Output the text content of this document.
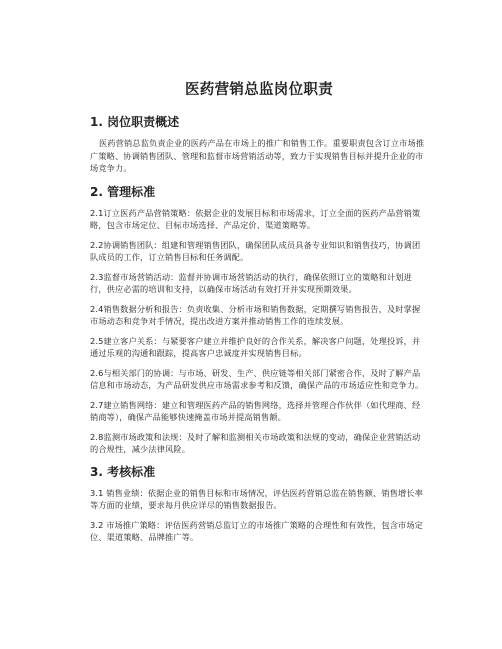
医药营销总监岗位职责
1. 岗位职责概述
医药营销总监负责企业的医药产品在市场上的推广和销售工作。重要职责包含订立市场推广策略、协调销售团队、管理和监督市场营销活动等，致力于实现销售目标并提升企业的市场竞争力。
2. 管理标准
2.1订立医药产品营销策略：依据企业的发展目标和市场需求，订立全面的医药产品营销策略，包含市场定位、目标市场选择、产品定价、渠道策略等。
2.2协调销售团队：组建和管理销售团队，确保团队成员具备专业知识和销售技巧，协调团队成员的工作，订立销售目标和任务调配。
2.3监督市场营销活动：监督并协调市场营销活动的执行，确保依照订立的策略和计划进行，供应必需的培训和支持，以确保市场活动有效打开并实现预期效果。
2.4销售数据分析和报告：负责收集、分析市场和销售数据，定期撰写销售报告，及时掌握市场动态和竞争对手情况，提出改进方案并推动销售工作的连续发展。
2.5建立客户关系：与紧要客户建立并维护良好的合作关系，解决客户问题，处理投诉，并通过乐观的沟通和跟踪，提高客户忠诚度并实现销售目标。
2.6与相关部门的协调：与市场、研发、生产、供应链等相关部门紧密合作，及时了解产品信息和市场动态，为产品研发供应市场需求参考和反馈，确保产品的市场适应性和竞争力。
2.7建立销售网络：建立和管理医药产品的销售网络，选择并管理合作伙伴（如代理商、经销商等），确保产品能够快速掩盖市场并提高销售额。
2.8监测市场政策和法规：及时了解和监测相关市场政策和法规的变动，确保企业营销活动的合规性，减少法律风险。
3. 考核标准
3.1 销售业绩：依据企业的销售目标和市场情况，评估医药营销总监在销售额、销售增长率等方面的业绩，要求每月供应详尽的销售数据报告。
3.2 市场推广策略：评估医药营销总监订立的市场推广策略的合理性和有效性，包含市场定位、渠道策略、品牌推广等。
